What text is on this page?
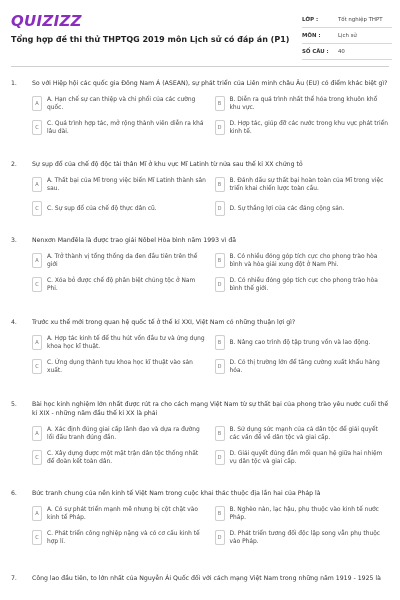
QUIZIZZ
Tổng hợp đề thi thử THPTQG 2019 môn Lịch sử có đáp án (P1)
LỚP :	Tốt nghiệp THPT
MÔN :	Lịch sử
SỐ CÂU :	40
1.	So với Hiệp hội các quốc gia Đông Nam Á (ASEAN), sự phát triển của Liên minh châu Âu (EU) có điểm khác biệt gì?
A
A. Hạn chế sự can thiệp và chi phối của các cường quốc.
B
B. Diễn ra quá trình nhất thể hóa trong khuôn khổ khu vực.
C
C. Quá trình hợp tác, mở rộng thành viên diễn ra khá lâu dài.
D
D. Hợp tác, giúp đỡ các nước trong khu vực phát triển kinh tế.
2.	Sự sụp đổ của chế độ độc tài thân Mĩ ở khu vực Mĩ Latinh từ nửa sau thế kỉ XX chứng tỏ
A
A. Thất bại của Mĩ trong việc biến Mĩ Latinh thành sân sau.
B
B. Đánh dấu sự thất bại hoàn toàn của Mĩ trong việc triển khai chiến lược toàn cầu.
C	C. Sự sụp đổ của chế độ thực dân cũ.	D	D. Sự thắng lợi của các đảng cộng sản.
3.	Nenxơn Manđêla là được trao giải Nôbel Hòa bình năm 1993 vì đã
A
A. Trở thành vị tổng thống da đen đầu tiên trên thế giới
B
B. Có nhiều đóng góp tích cực cho phong trào hòa bình và hòa giải xung đột ở Nam Phi.
C
C. Xóa bỏ được chế độ phân biệt chủng tộc ở Nam Phi.
D
D. Có nhiều đóng góp tích cực cho phong trào hòa bình thế giới.
4.	Trước xu thế mới trong quan hệ quốc tế ở thế kỉ XXI, Việt Nam có những thuận lợi gì?
A
A. Hợp tác kinh tế để thu hút vốn đầu tư và ứng dụng khoa học kĩ thuật.
B	B. Nâng cao trình độ tập trung vốn và lao động.
C
C. Ứng dụng thành tựu khoa học kĩ thuật vào sản xuất.
D
D. Có thị trường lớn để tăng cường xuất khẩu hàng hóa.
5.	Bài học kinh nghiệm lớn nhất được rút ra cho cách mạng Việt Nam từ sự thất bại của phong trào yêu nước cuối thế kỉ XIX - những năm đầu thế kỉ XX là phải
A
A. Xác định đúng giai cấp lãnh đạo và dựa ra đường lối đấu tranh đúng đắn.
B
B. Sử dụng sức mạnh của cả dân tộc để giải quyết các vấn đề về dân tộc và giai cấp.
C
C. Xây dựng được một mặt trận dân tộc thống nhất để đoàn kết toàn dân.
D
D. Giải quyết đúng đắn mối quan hệ giữa hai nhiệm vụ dân tộc và giai cấp.
6.	Bức tranh chung của nền kinh tế Việt Nam trong cuộc khai thác thuộc địa lần hai của Pháp là
A
A. Có sự phát triển mạnh mẽ nhưng bị cột chặt vào kinh tế Pháp.
B
B. Nghèo nàn, lạc hậu, phụ thuộc vào kinh tế nước Pháp.
C
C. Phát triển công nghiệp nặng và có cơ cấu kinh tế hợp lí.
D
D. Phát triển tương đối độc lập song vẫn phụ thuộc vào Pháp.
7.	Công lao đầu tiên, to lớn nhất của Nguyễn Ái Quốc đối với cách mạng Việt Nam trong những năm 1919 - 1925 là
